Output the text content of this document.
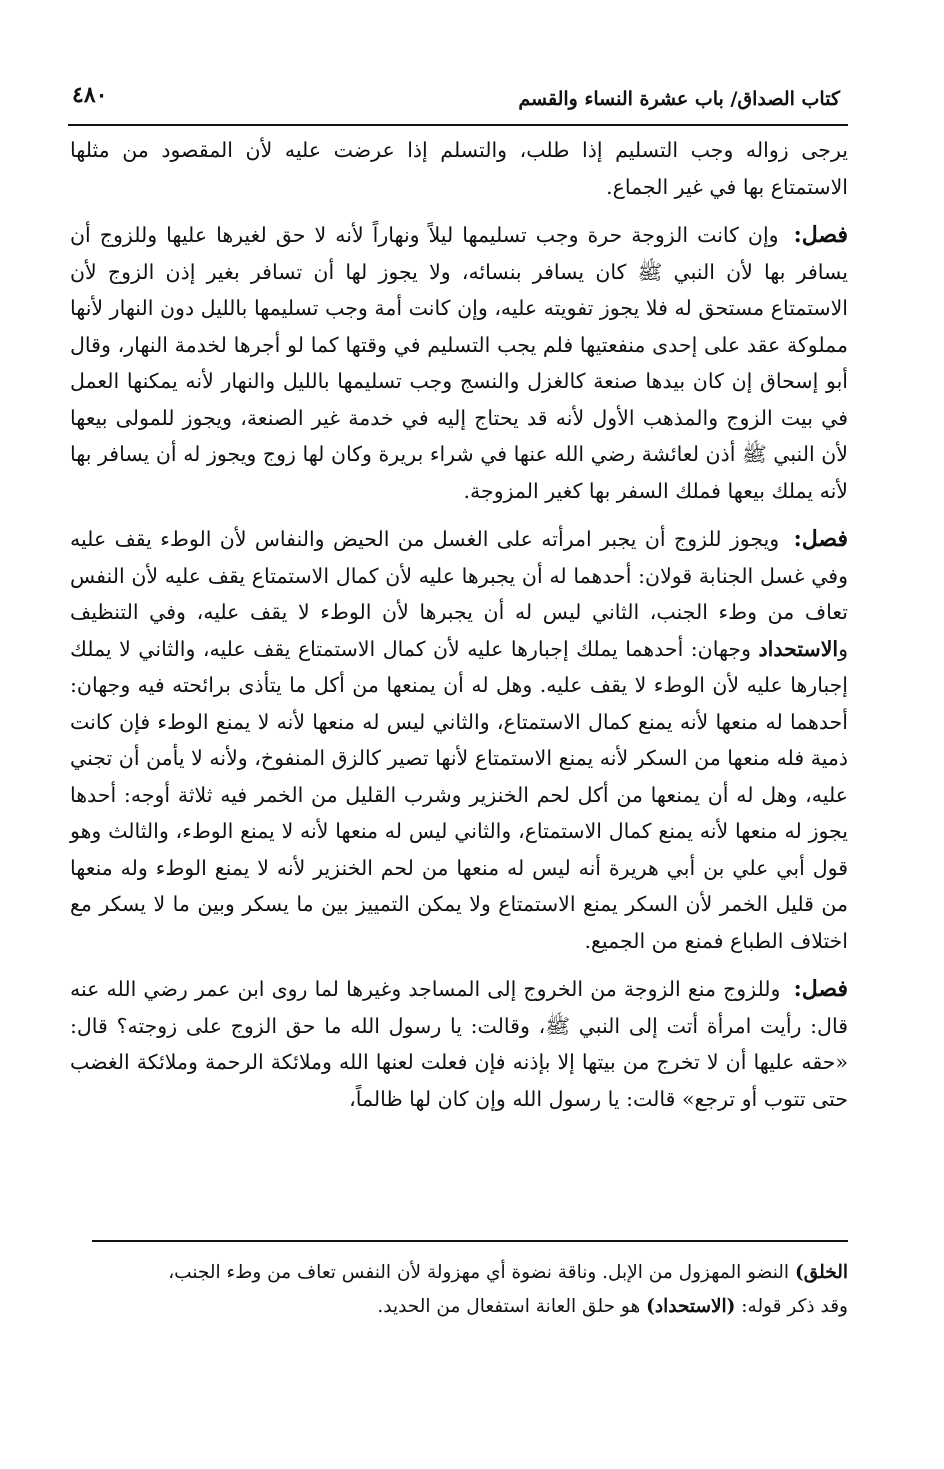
كتاب الصداق/ باب عشرة النساء والقسم
٤٨٠

يرجى زواله وجب التسليم إذا طلب، والتسلم إذا عرضت عليه لأن المقصود من مثلها الاستمتاع بها في غير الجماع.

فصل: وإن كانت الزوجة حرة وجب تسليمها ليلاً ونهاراً لأنه لا حق لغيرها عليها وللزوج أن يسافر بها لأن النبي ﷺ كان يسافر بنسائه، ولا يجوز لها أن تسافر بغير إذن الزوج لأن الاستمتاع مستحق له فلا يجوز تفويته عليه، وإن كانت أمة وجب تسليمها بالليل دون النهار لأنها مملوكة عقد على إحدى منفعتيها فلم يجب التسليم في وقتها كما لو أجرها لخدمة النهار، وقال أبو إسحاق إن كان بيدها صنعة كالغزل والنسج وجب تسليمها بالليل والنهار لأنه يمكنها العمل في بيت الزوج والمذهب الأول لأنه قد يحتاج إليه في خدمة غير الصنعة، ويجوز للمولى بيعها لأن النبي ﷺ أذن لعائشة رضي الله عنها في شراء بريرة وكان لها زوج ويجوز له أن يسافر بها لأنه يملك بيعها فملك السفر بها كغير المزوجة.

فصل: ويجوز للزوج أن يجبر امرأته على الغسل من الحيض والنفاس لأن الوطء يقف عليه وفي غسل الجنابة قولان: أحدهما له أن يجبرها عليه لأن كمال الاستمتاع يقف عليه لأن النفس تعاف من وطء الجنب، الثاني ليس له أن يجبرها لأن الوطء لا يقف عليه، وفي التنظيف والاستحداد وجهان: أحدهما يملك إجبارها عليه لأن كمال الاستمتاع يقف عليه، والثاني لا يملك إجبارها عليه لأن الوطء لا يقف عليه. وهل له أن يمنعها من أكل ما يتأذى برائحته فيه وجهان: أحدهما له منعها لأنه يمنع كمال الاستمتاع، والثاني ليس له منعها لأنه لا يمنع الوطء فإن كانت ذمية فله منعها من السكر لأنه يمنع الاستمتاع لأنها تصير كالزق المنفوخ، ولأنه لا يأمن أن تجني عليه، وهل له أن يمنعها من أكل لحم الخنزير وشرب القليل من الخمر فيه ثلاثة أوجه: أحدها يجوز له منعها لأنه يمنع كمال الاستمتاع، والثاني ليس له منعها لأنه لا يمنع الوطء، والثالث وهو قول أبي علي بن أبي هريرة أنه ليس له منعها من لحم الخنزير لأنه لا يمنع الوطء وله منعها من قليل الخمر لأن السكر يمنع الاستمتاع ولا يمكن التمييز بين ما يسكر وبين ما لا يسكر مع اختلاف الطباع فمنع من الجميع.

فصل: وللزوج منع الزوجة من الخروج إلى المساجد وغيرها لما روى ابن عمر رضي الله عنه قال: رأيت امرأة أتت إلى النبي ﷺ، وقالت: يا رسول الله ما حق الزوج على زوجته؟ قال: «حقه عليها أن لا تخرج من بيتها إلا بإذنه فإن فعلت لعنها الله وملائكة الرحمة وملائكة الغضب حتى تتوب أو ترجع» قالت: يا رسول الله وإن كان لها ظالماً،

الخلق) النضو المهزول من الإبل. وناقة نضوة أي مهزولة لأن النفس تعاف من وطء الجنب،

وقد ذكر قوله: (الاستحداد) هو حلق العانة استفعال من الحديد.
